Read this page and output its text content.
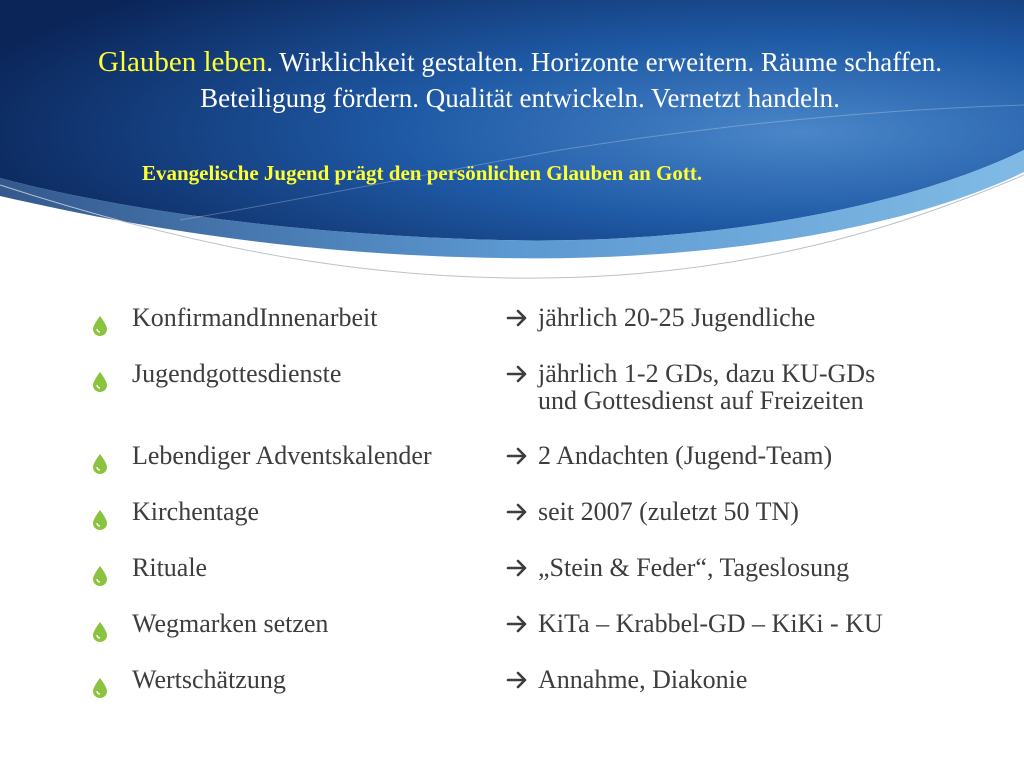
Glauben leben. Wirklichkeit gestalten. Horizonte erweitern. Räume schaffen.
Beteiligung fördern. Qualität entwickeln. Vernetzt handeln.
Evangelische Jugend prägt den persönlichen Glauben an Gott.
KonfirmandInnenarbeit	jährlich 20-25 Jugendliche
Jugendgottesdienste	jährlich 1-2 GDs, dazu KU-GDs
und Gottesdienst auf Freizeiten
Lebendiger Adventskalender	2 Andachten (Jugend-Team)
Kirchentage	seit 2007 (zuletzt 50 TN)
Rituale	„Stein & Feder“, Tageslosung
Wegmarken setzen	KiTa – Krabbel-GD – KiKi - KU
Wertschätzung	Annahme, Diakonie
